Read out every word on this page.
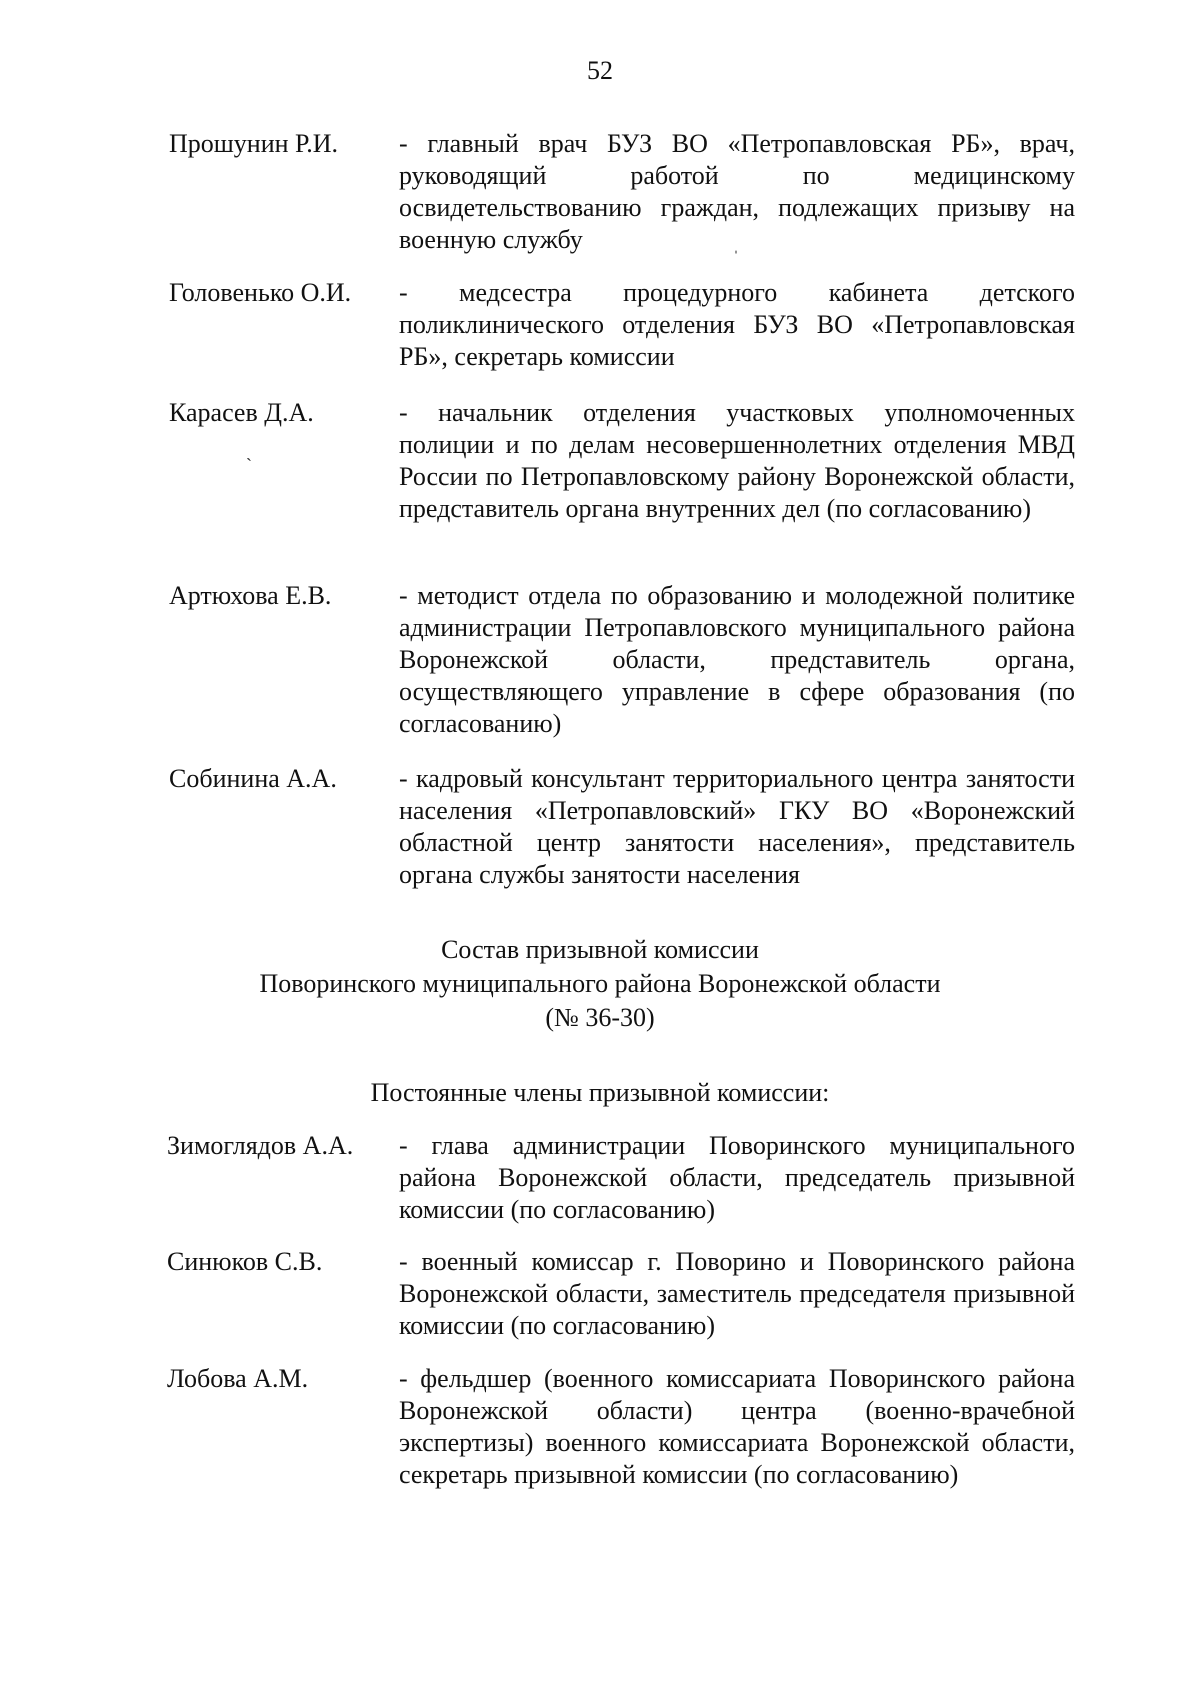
52
Прошунин Р.И. - главный врач БУЗ ВО «Петропавловская РБ», врач, руководящий работой по медицинскому освидетельствованию граждан, подлежащих призыву на военную службу
Головенько О.И. - медсестра процедурного кабинета детского поликлинического отделения БУЗ ВО «Петропавловская РБ», секретарь комиссии
Карасев Д.А.	- начальник отделения участковых уполномоченных полиции и по делам несовершеннолетних отделения МВД России по Петропавловскому району Воронежской области, представитель органа внутренних дел (по согласованию)
Артюхова Е.В.	- методист отдела по образованию и молодежной политике администрации Петропавловского муниципального района Воронежской области, представитель органа, осуществляющего управление в сфере образования (по согласованию)
Собинина А.А. - кадровый консультант территориального центра занятости населения «Петропавловский» ГКУ ВО «Воронежский областной центр занятости населения», представитель органа службы занятости населения
Состав призывной комиссии
Поворинского муниципального района Воронежской области
(№ 36-30)
Постоянные члены призывной комиссии:
Зимоглядов А.А. - глава администрации Поворинского муниципального района Воронежской области, председатель призывной комиссии (по согласованию)
Синюков С.В.	- военный комиссар г. Поворино и Поворинского района Воронежской области, заместитель председателя призывной комиссии (по согласованию)
Лобова А.М.	- фельдшер (военного комиссариата Поворинского района Воронежской области) центра (военно-врачебной экспертизы) военного комиссариата Воронежской области, секретарь призывной комиссии (по согласованию)
ˈ
ˋ
